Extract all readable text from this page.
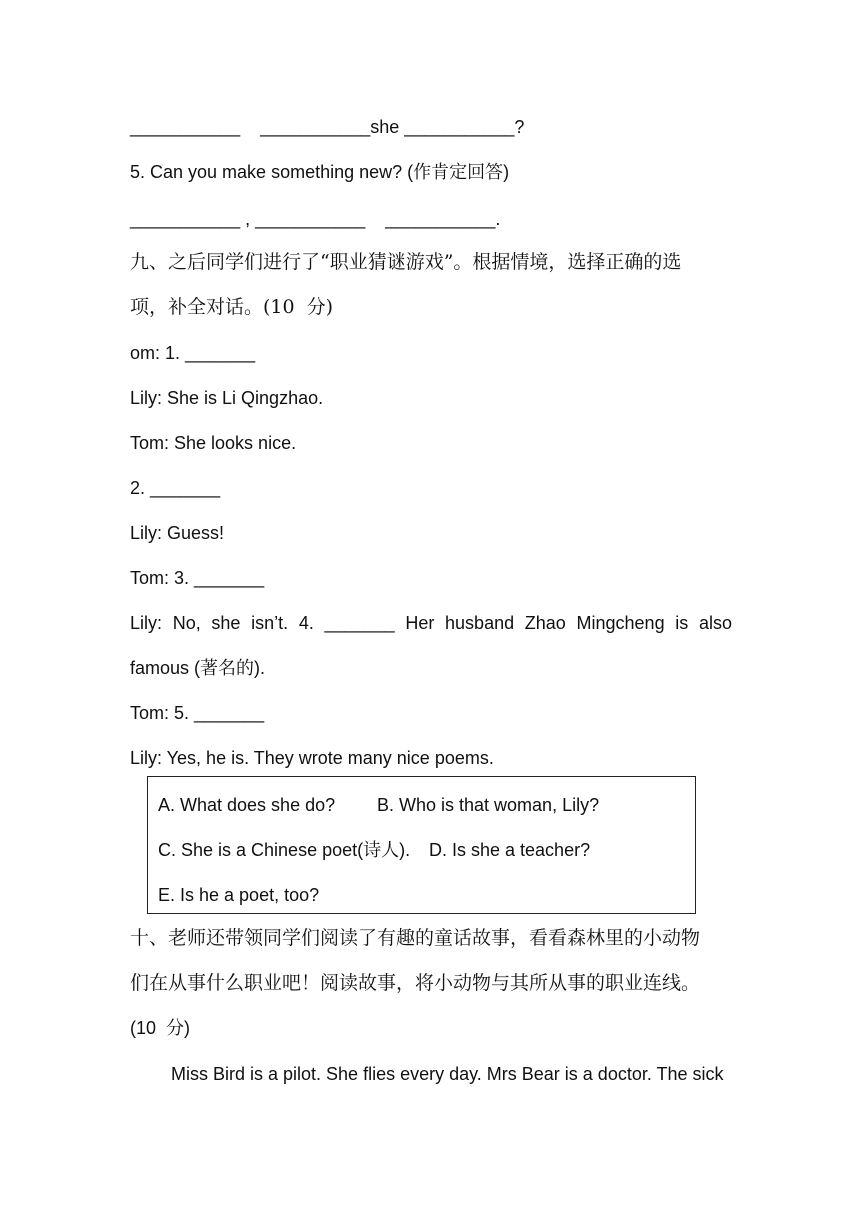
___________    ___________she ___________?
5. Can you make something new? (作肯定回答)
___________ , ___________    ___________.
九、之后同学们进行了“职业猜谜游戏”。根据情境，选择正确的选
项，补全对话。(10  分)
om: 1. _______
Lily: She is Li Qingzhao.
Tom: She looks nice.
2. _______
Lily: Guess!
Tom: 3. _______
Lily: No, she isn’t. 4. _______ Her husband Zhao Mingcheng is also
famous (著名的).
Tom: 5. _______
Lily: Yes, he is. They wrote many nice poems.
A. What does she do? B. Who is that woman, Lily?
C. She is a Chinese poet(诗人). D. Is she a teacher?
E. Is he a poet, too?
十、老师还带领同学们阅读了有趣的童话故事，看看森林里的小动物
们在从事什么职业吧！阅读故事，将小动物与其所从事的职业连线。
(10  分)
Miss Bird is a pilot. She flies every day. Mrs Bear is a doctor. The sick
